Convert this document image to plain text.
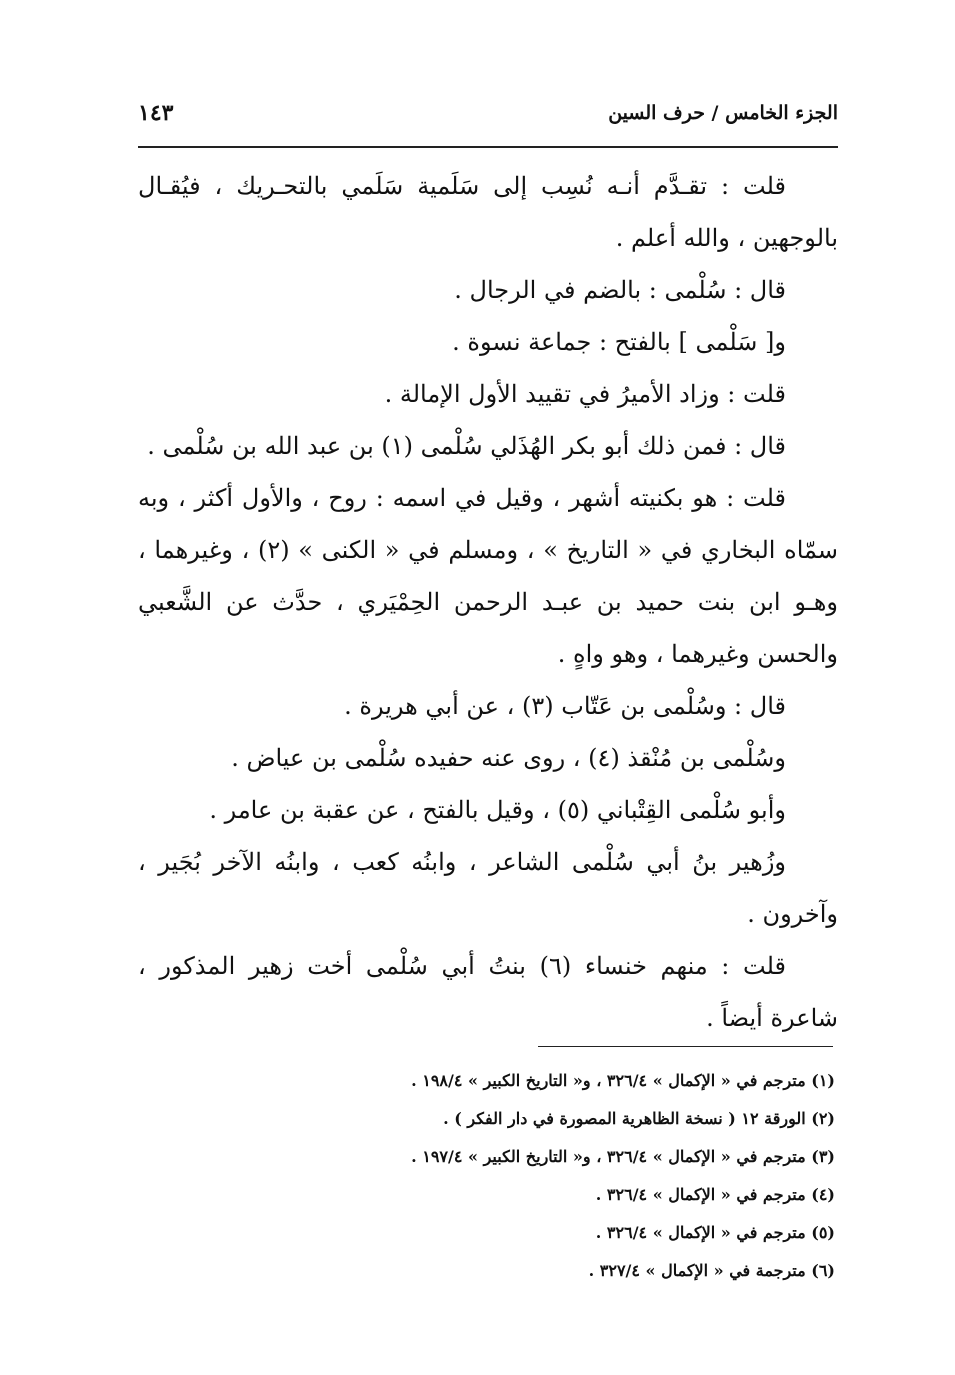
الجزء الخامس / حرف السين
١٤٣

قلت : تقـدَّم أنـه نُسِب إلى سَلَمية سَلَمي بالتحـريك ، فيُقـال بالوجهين ، والله أعلم .

قال : سُلْمى : بالضم في الرجال .

و[ سَلْمى ] بالفتح : جماعة نسوة .

قلت : وزاد الأميرُ في تقييد الأول الإمالة .

قال : فمن ذلك أبو بكر الهُذَلي سُلْمى (١) بن عبد الله بن سُلْمى .

قلت : هو بكنيته أشهر ، وقيل في اسمه : روح ، والأول أكثر ، وبه سمّاه البخاري في « التاريخ » ، ومسلم في « الكنى » (٢) ، وغيرهما ، وهـو ابن بنت حميد بن عبـد الرحمن الحِمْيَري ، حدَّث عن الشَّعبي والحسن وغيرهما ، وهو واهٍ .

قال : وسُلْمى بن عَتّاب (٣) ، عن أبي هريرة .

وسُلْمى بن مُنْقذ (٤) ، روى عنه حفيده سُلْمى بن عياض .

وأبو سُلْمى القِتْباني (٥) ، وقيل بالفتح ، عن عقبة بن عامر .

وزُهير بنُ أبي سُلْمى الشاعر ، وابنُه كعب ، وابنُه الآخر بُجَير ، وآخرون .

قلت : منهم خنساء (٦) بنتُ أبي سُلْمى أخت زهير المذكور ، شاعرة أيضاً .

(١) مترجم في « الإكمال » ٣٢٦/٤ ، و« التاريخ الكبير » ١٩٨/٤ .

(٢) الورقة ١٢ ( نسخة الظاهرية المصورة في دار الفكر ) .

(٣) مترجم في « الإكمال » ٣٢٦/٤ ، و« التاريخ الكبير » ١٩٧/٤ .

(٤) مترجم في « الإكمال » ٣٢٦/٤ .

(٥) مترجم في « الإكمال » ٣٢٦/٤ .

(٦) مترجمة في « الإكمال » ٣٢٧/٤ .
